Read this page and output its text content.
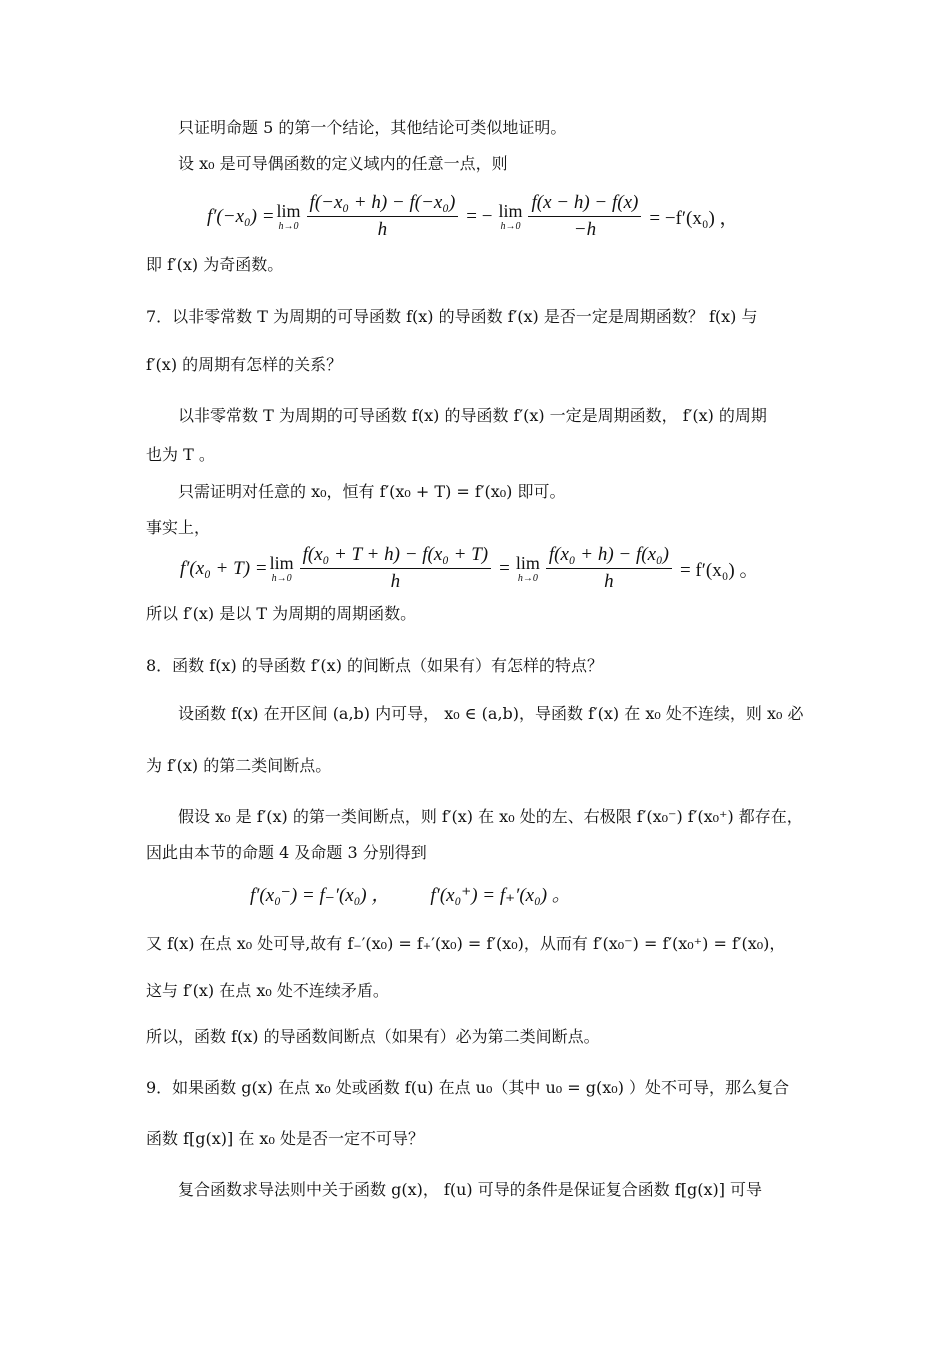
只证明命题 5 的第一个结论，其他结论可类似地证明。
设 x₀ 是可导偶函数的定义域内的任意一点，则
f′(−x₀) = lim
$h\to 0 \frac{\text{f(−x₀ + h) − f(−x₀)}}{h}$ = − lim
$h\to 0 \frac{f(x - h) - f(x)}{-h} = -f'(x_0)$ ，
即 f′(x) 为奇函数。
7．以非零常数 T 为周期的可导函数 f(x) 的导函数 f′(x) 是否一定是周期函数？ f(x) 与
f′(x) 的周期有怎样的关系？
以非零常数 T 为周期的可导函数 f(x) 的导函数 f′(x) 一定是周期函数， f′(x) 的周期
也为 T 。
只需证明对任意的 x₀，恒有 f′(x₀ + T) = f′(x₀) 即可。
事实上，
f′(x₀ + T) = lim
$h\to 0 \frac{\text{f(x₀ + T + h) − f(x₀ + T)}}{h} = \lim$
$h\to 0 \frac{\text{f(x₀ + h) − f(x₀)}}{h} = f'(x_0)$ 。
所以 f′(x) 是以 T 为周期的周期函数。
8．函数 f(x) 的导函数 f′(x) 的间断点（如果有）有怎样的特点？
设函数 f(x) 在开区间 (a,b) 内可导， x₀ ∈ (a,b)，导函数 f′(x) 在 x₀ 处不连续，则 x₀ 必
为 f′(x) 的第二类间断点。
假设 x₀ 是 f′(x) 的第一类间断点，则 f′(x) 在 x₀ 处的左、右极限 f′(x₀⁻) f′(x₀⁺) 都存在，
因此由本节的命题 4 及命题 3 分别得到
f′(x₀⁻) = f₋′(x₀) ， f′(x₀⁺) = f₊′(x₀) 。
又 f(x) 在点 x₀ 处可导,故有 f₋′(x₀) = f₊′(x₀) = f′(x₀)，从而有 f′(x₀⁻) = f′(x₀⁺) = f′(x₀)，
这与 f′(x) 在点 x₀ 处不连续矛盾。
所以，函数 f(x) 的导函数间断点（如果有）必为第二类间断点。
9．如果函数 g(x) 在点 x₀ 处或函数 f(u) 在点 u₀（其中 u₀ = g(x₀) ）处不可导，那么复合
函数 f[g(x)] 在 x₀ 处是否一定不可导？
复合函数求导法则中关于函数 g(x)， f(u) 可导的条件是保证复合函数 f[g(x)] 可导
